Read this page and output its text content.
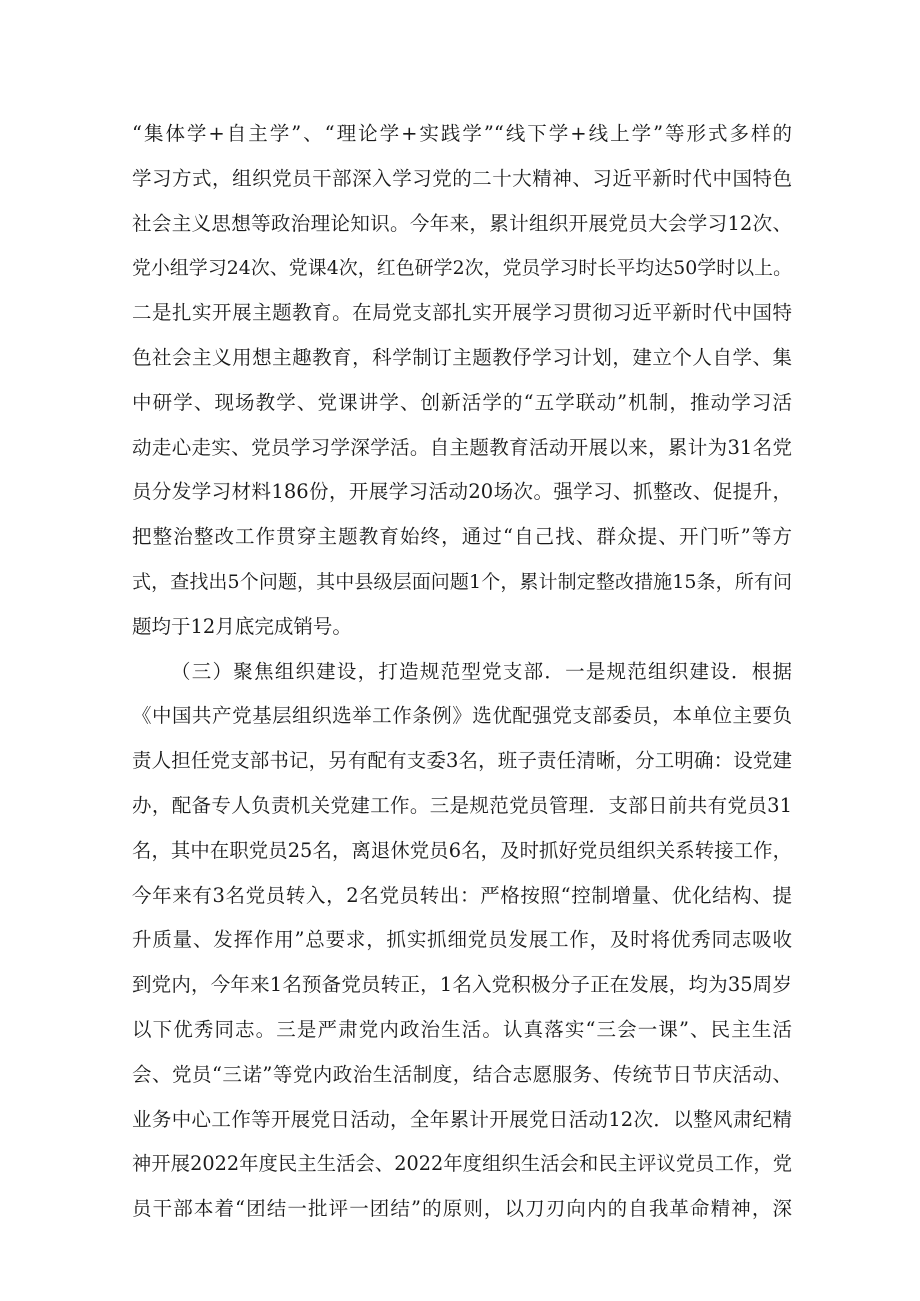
“集体学+自主学”、“理论学+实践学”“线下学+线上学”等形式多样的
学习方式，组织党员干部深入学习党的二十大精神、习近平新时代中国特色
社会主义思想等政治理论知识。今年来，累计组织开展党员大会学习12次、
党小组学习24次、党课4次，红色研学2次，党员学习时长平均达50学时以上。
二是扎实开展主题教育。在局党支部扎实开展学习贯彻习近平新时代中国特
色社会主义用想主趣教育，科学制订主题教伃学习计划，建立个人自学、集
中研学、现场教学、党课讲学、创新活学的“五学联动”机制，推动学习活
动走心走实、党员学习学深学活。自主题教育活动开展以来，累计为31名党
员分发学习材料186份，开展学习活动20场次。强学习、抓整改、促提升，
把整治整改工作贯穿主题教育始终，通过“自己找、群众提、开门听”等方
式，查找出5个问题，其中县级层面问题1个，累计制定整改措施15条，所有问
题均于12月底完成销号。
（三）聚焦组织建设，打造规范型党支部．一是规范组织建设．根据
《中国共产党基层组织选举工作条例》选优配强党支部委员，本单位主要负
责人担任党支部书记，另有配有支委3名，班子责任清晰，分工明确：设党建
办，配备专人负责机关党建工作。三是规范党员管理．支部日前共有党员31
名，其中在职党员25名，离退休党员6名，及时抓好党员组织关系转接工作，
今年来有3名党员转入，2名党员转出：严格按照“控制增量、优化结构、提
升质量、发挥作用”总要求，抓实抓细党员发展工作，及时将优秀同志吸收
到党内，今年来1名预备党员转正，1名入党积极分子正在发展，均为35周岁
以下优秀同志。三是严肃党内政治生活。认真落实“三会一课”、民主生活
会、党员“三诺”等党内政治生活制度，结合志愿服务、传统节日节庆活动、
业务中心工作等开展党日活动，全年累计开展党日活动12次．以整风肃纪精
神开展2022年度民主生活会、2022年度组织生活会和民主评议党员工作，党
员干部本着“团结一批评一团结”的原则，以刀刃向内的自我革命精神，深
